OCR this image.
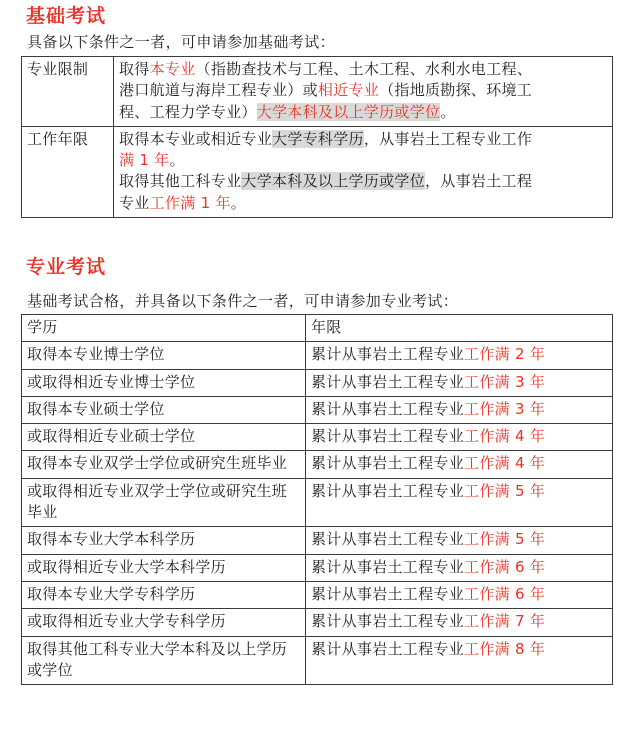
基础考试
具备以下条件之一者，可申请参加基础考试：
专业限制	取得本专业（指勘查技术与工程、土木工程、水利水电工程、
港口航道与海岸工程专业）或相近专业（指地质勘探、环境工
程、工程力学专业）大学本科及以上学历或学位。

工作年限	取得本专业或相近专业大学专科学历，从事岩土工程专业工作
满 1 年。
取得其他工科专业大学本科及以上学历或学位，从事岩土工程
专业工作满 1 年。
专业考试
基础考试合格，并具备以下条件之一者，可申请参加专业考试：
学历	年限
取得本专业博士学位	累计从事岩土工程专业工作满 2 年
或取得相近专业博士学位	累计从事岩土工程专业工作满 3 年
取得本专业硕士学位	累计从事岩土工程专业工作满 3 年
或取得相近专业硕士学位	累计从事岩土工程专业工作满 4 年
取得本专业双学士学位或研究生班毕业	累计从事岩土工程专业工作满 4 年
或取得相近专业双学士学位或研究生班毕业	累计从事岩土工程专业工作满 5 年
取得本专业大学本科学历	累计从事岩土工程专业工作满 5 年
或取得相近专业大学本科学历	累计从事岩土工程专业工作满 6 年
取得本专业大学专科学历	累计从事岩土工程专业工作满 6 年
或取得相近专业大学专科学历	累计从事岩土工程专业工作满 7 年
取得其他工科专业大学本科及以上学历或学位	累计从事岩土工程专业工作满 8 年
